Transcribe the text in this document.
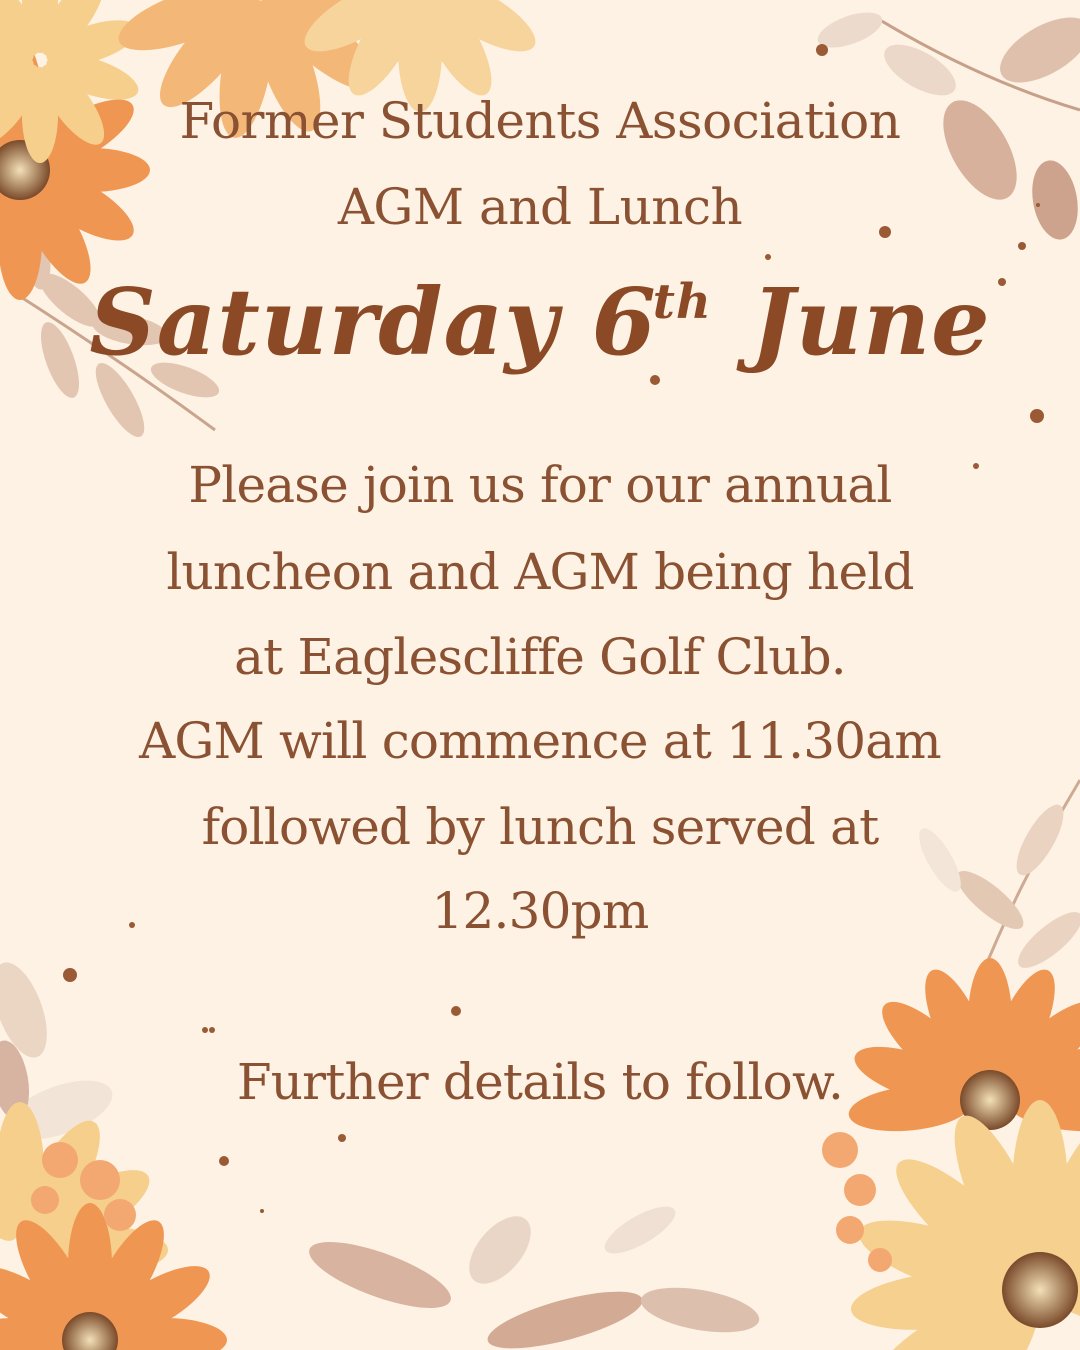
Former Students Association
AGM and Lunch
Saturday 6th June
Please join us for our annual
luncheon and AGM being held
at Eaglescliffe Golf Club.
AGM will commence at 11.30am
followed by lunch served at
12.30pm
Further details to follow.
